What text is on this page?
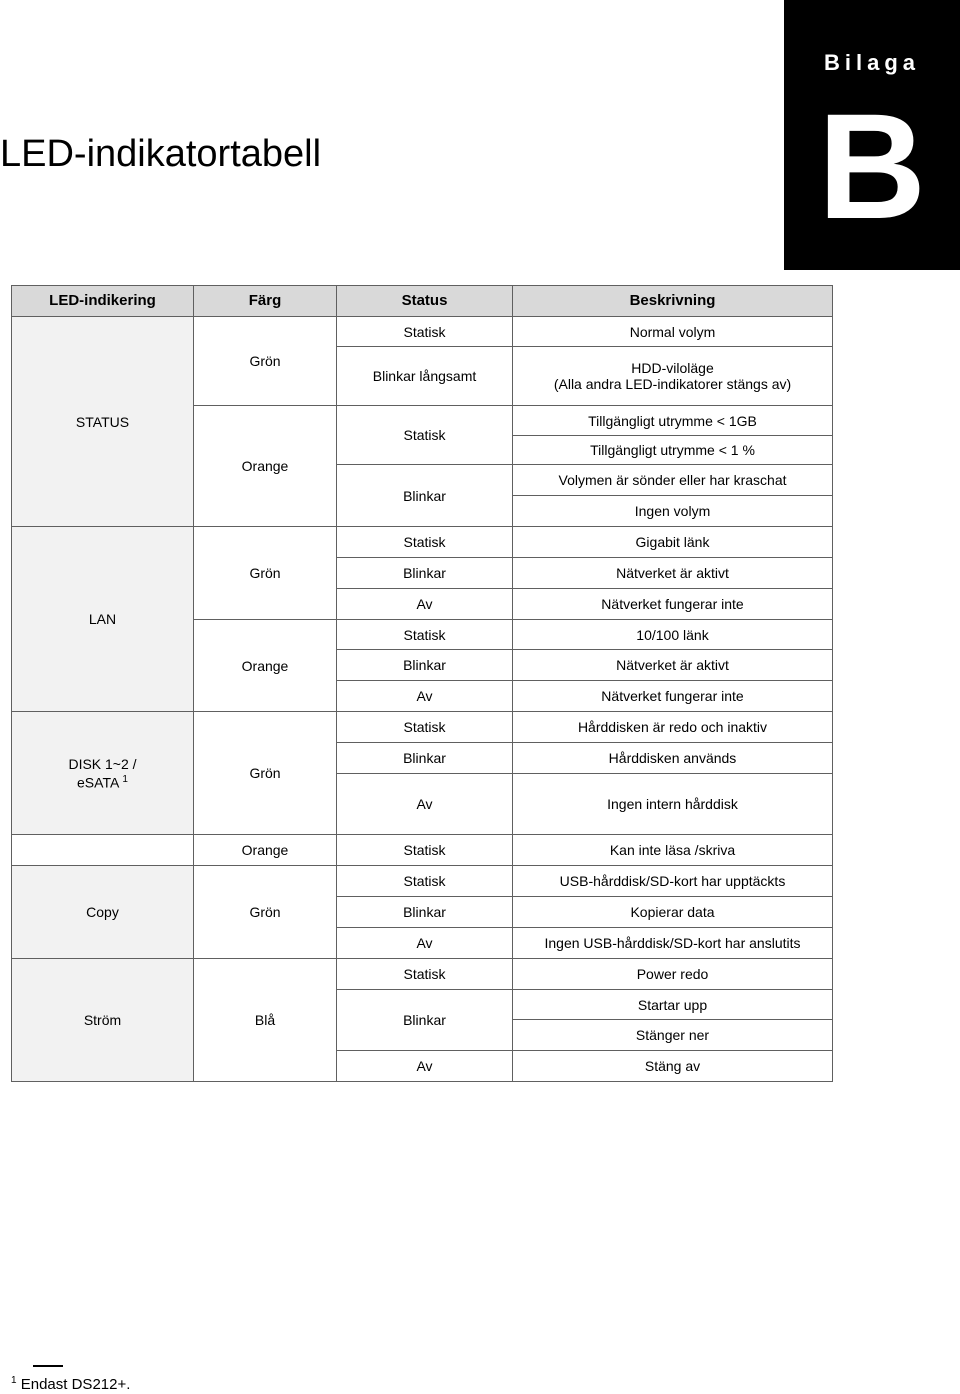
Bilaga
B
LED-indikatortabell
LED-indikering	Färg	Status	Beskrivning
STATUS	Grön	Statisk	Normal volym
		Blinkar långsamt	HDD-viloläge
(Alla andra LED-indikatorer stängs av)

	Orange	Statisk	Tillgängligt utrymme < 1GB
			Tillgängligt utrymme < 1 %
		Blinkar	Volymen är sönder eller har kraschat
			Ingen volym
LAN	Grön	Statisk	Gigabit länk
		Blinkar	Nätverket är aktivt
		Av	Nätverket fungerar inte
	Orange	Statisk	10/100 länk
		Blinkar	Nätverket är aktivt
		Av	Nätverket fungerar inte

DISK 1~2 /
eSATA $^1$	Grön	Statisk	Hårddisken är redo och inaktiv
		Blinkar	Hårddisken används
		Av	Ingen intern hårddisk
	Orange	Statisk	Kan inte läsa /skriva
Copy	Grön	Statisk	USB-hårddisk/SD-kort har upptäckts
		Blinkar	Kopierar data
		Av	Ingen USB-hårddisk/SD-kort har anslutits
Ström	Blå	Statisk	Power redo
		Blinkar	Startar upp
			Stänger ner
		Av	Stäng av
$^1$ Endast DS212+.
